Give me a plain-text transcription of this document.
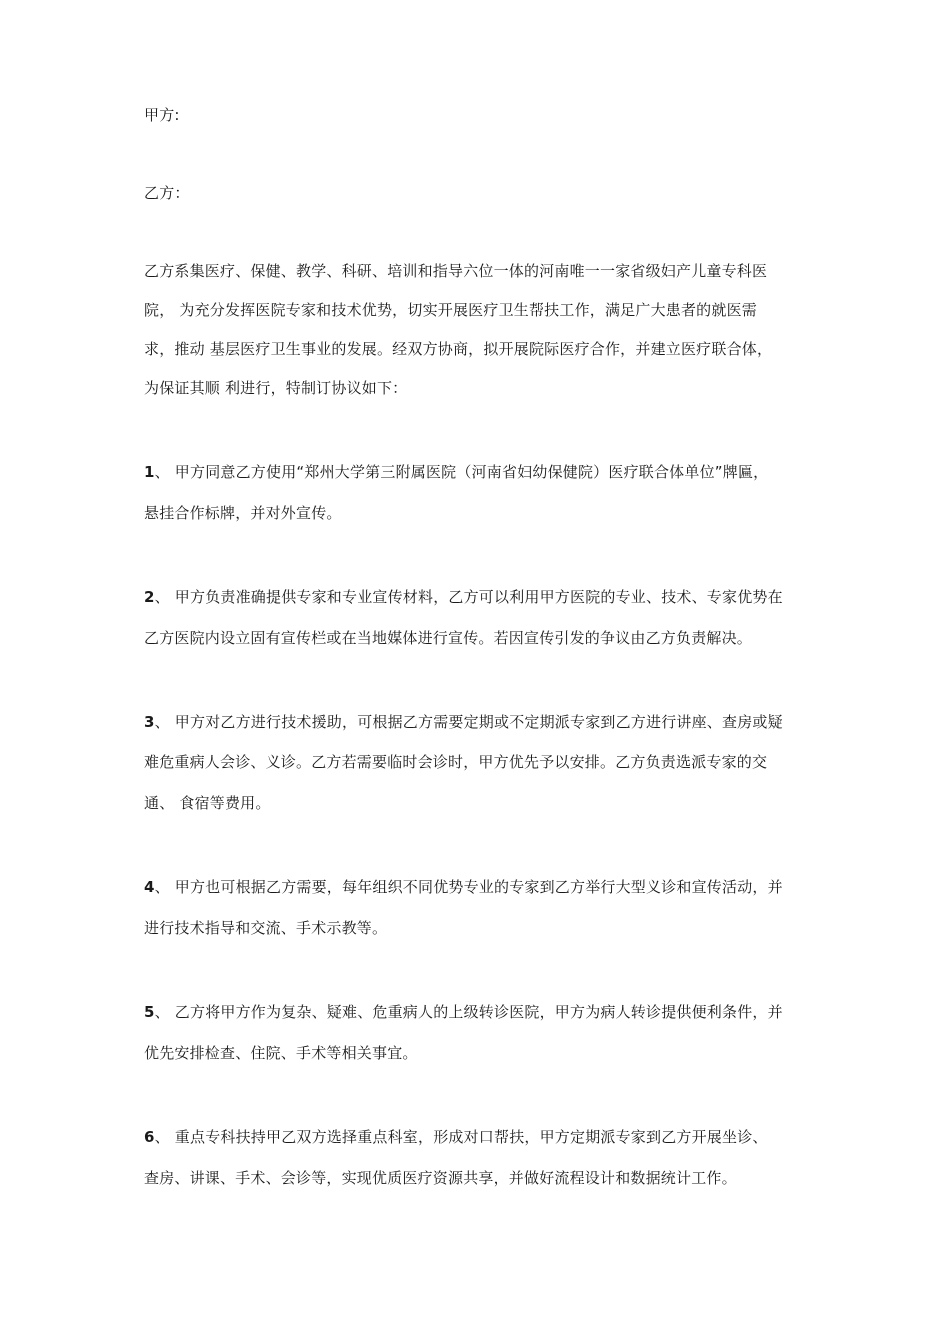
甲方:
乙方：
乙方系集医疗、保健、教学、科研、培训和指导六位一体的河南唯一一家省级妇产儿童专科医
院， 为充分发挥医院专家和技术优势，切实开展医疗卫生帮扶工作，满足广大患者的就医需
求，推动 基层医疗卫生事业的发展。经双方协商，拟开展院际医疗合作，并建立医疗联合体，
为保证其顺 利进行，特制订协议如下：
1、 甲方同意乙方使用“郑州大学第三附属医院（河南省妇幼保健院）医疗联合体单位”牌匾，
悬挂合作标牌，并对外宣传。
2、 甲方负责准确提供专家和专业宣传材料，乙方可以利用甲方医院的专业、技术、专家优势在
乙方医院内设立固有宣传栏或在当地媒体进行宣传。若因宣传引发的争议由乙方负责解决。
3、 甲方对乙方进行技术援助，可根据乙方需要定期或不定期派专家到乙方进行讲座、查房或疑
难危重病人会诊、义诊。乙方若需要临时会诊时，甲方优先予以安排。乙方负责选派专家的交
通、 食宿等费用。
4、 甲方也可根据乙方需要，每年组织不同优势专业的专家到乙方举行大型义诊和宣传活动，并
进行技术指导和交流、手术示教等。
5、 乙方将甲方作为复杂、疑难、危重病人的上级转诊医院，甲方为病人转诊提供便利条件，并
优先安排检查、住院、手术等相关事宜。
6、 重点专科扶持甲乙双方选择重点科室，形成对口帮扶，甲方定期派专家到乙方开展坐诊、
查房、讲课、手术、会诊等，实现优质医疗资源共享，并做好流程设计和数据统计工作。
